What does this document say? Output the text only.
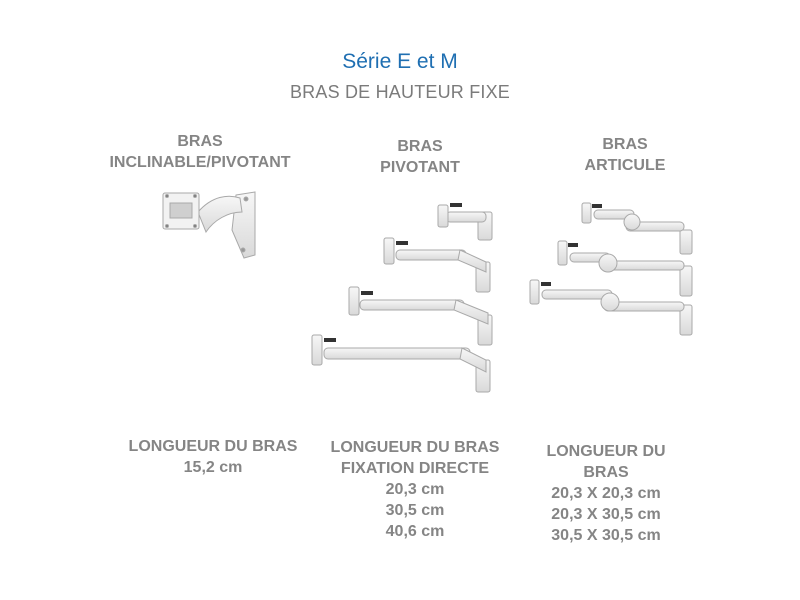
Série E et M
BRAS DE HAUTEUR FIXE
BRAS
INCLINABLE/PIVOTANT
BRAS
PIVOTANT
BRAS
ARTICULE
LONGUEUR DU BRAS
15,2 cm
LONGUEUR DU BRAS
FIXATION DIRECTE
20,3 cm
30,5 cm
40,6 cm
LONGUEUR DU
BRAS
20,3 X 20,3 cm
20,3 X 30,5 cm
30,5 X 30,5 cm
